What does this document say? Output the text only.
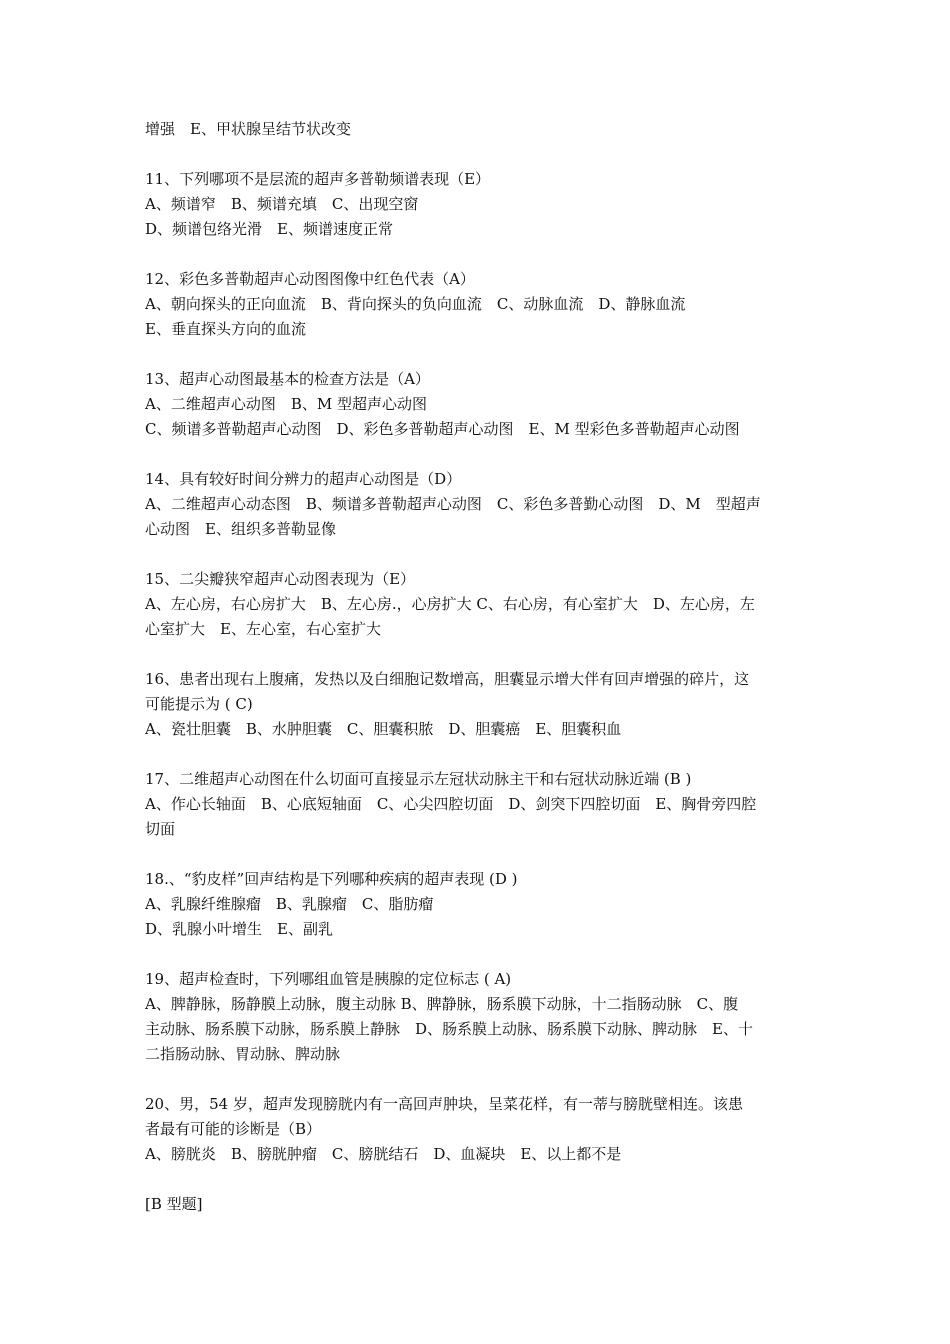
增强　E、甲状腺呈结节状改变
11、下列哪项不是层流的超声多普勒频谱表现（E）
A、频谱窄　B、频谱充填　C、出现空窗
D、频谱包络光滑　E、频谱速度正常
12、彩色多普勒超声心动图图像中红色代表（A）
A、朝向探头的正向血流　B、背向探头的负向血流　C、动脉血流　D、静脉血流
E、垂直探头方向的血流
13、超声心动图最基本的检查方法是（A）
A、二维超声心动图　B、M 型超声心动图
C、频谱多普勒超声心动图　D、彩色多普勒超声心动图　E、M 型彩色多普勒超声心动图
14、具有较好时间分辨力的超声心动图是（D）
A、二维超声心动态图　B、频谱多普勒超声心动图　C、彩色多普勤心动图　D、M　型超声
心动图　E、组织多普勒显像
15、二尖瓣狭窄超声心动图表现为（E）
A、左心房，右心房扩大　B、左心房.，心房扩大 C、右心房，有心室扩大　D、左心房，左
心室扩大　E、左心室，右心室扩大
16、患者出现右上腹痛，发热以及白细胞记数增高，胆囊显示增大伴有回声增强的碎片，这
可能提示为 ( C)
A、瓷壮胆囊　B、水肿胆囊　C、胆囊积脓　D、胆囊癌　E、胆囊积血
17、二维超声心动图在什么切面可直接显示左冠状动脉主干和右冠状动脉近端 (B )
A、作心长轴面　B、心底短轴面　C、心尖四腔切面　D、剑突下四腔切面　E、胸骨旁四腔
切面
18.、“豹皮样”回声结构是下列哪种疾病的超声表现 (D )
A、乳腺纤维腺瘤　B、乳腺瘤　C、脂肪瘤
D、乳腺小叶增生　E、副乳
19、超声检查时，下列哪组血管是胰腺的定位标志 ( A)
A、脾静脉，肠静膜上动脉，腹主动脉 B、脾静脉，肠系膜下动脉，十二指肠动脉　C、腹
主动脉、肠系膜下动脉，肠系膜上静脉　D、肠系膜上动脉、肠系膜下动脉、脾动脉　E、十
二指肠动脉、胃动脉、脾动脉
20、男，54 岁，超声发现膀胱内有一高回声肿块，呈菜花样，有一蒂与膀胱壁相连。该患
者最有可能的诊断是（B）
A、膀胱炎　B、膀胱肿瘤　C、膀胱结石　D、血凝块　E、以上都不是
[B 型题]
